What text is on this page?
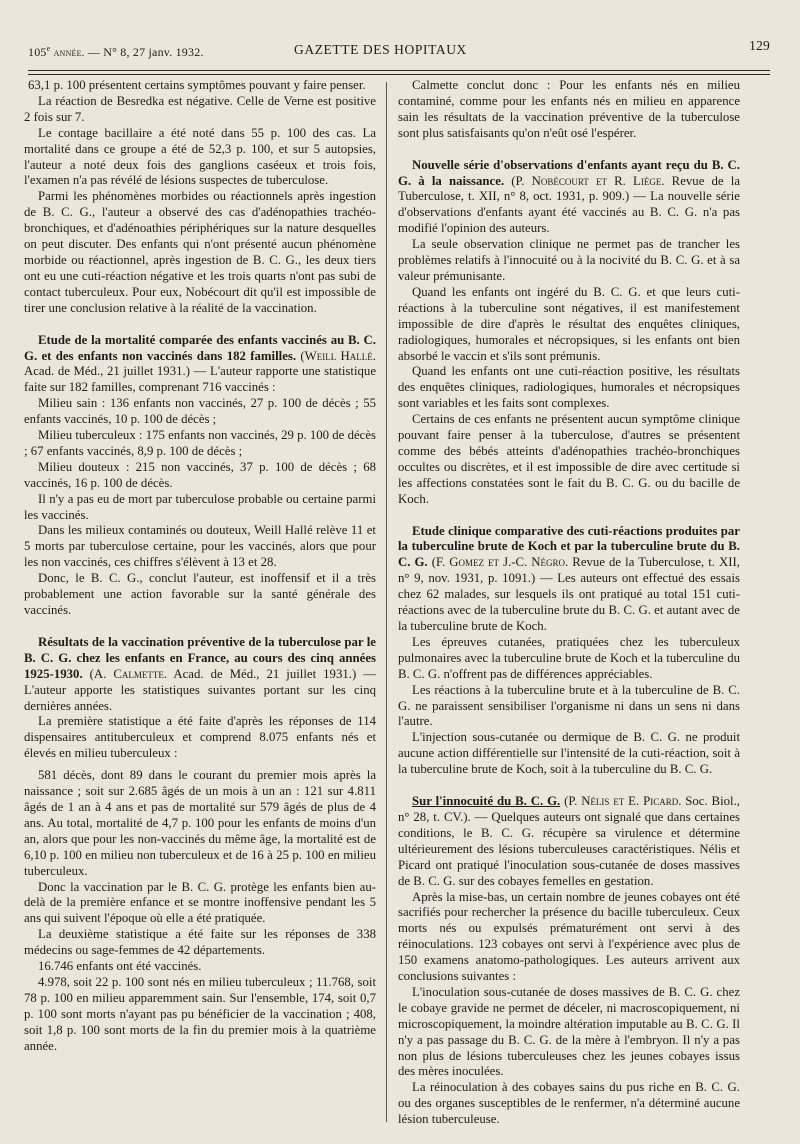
105e année. — N° 8, 27 janv. 1932.	GAZETTE DES HOPITAUX	129

63,1 p. 100 présentent certains symptômes pouvant y faire penser.

La réaction de Besredka est négative. Celle de Verne est positive 2 fois sur 7.

Le contage bacillaire a été noté dans 55 p. 100 des cas. La mortalité dans ce groupe a été de 52,3 p. 100, et sur 5 autopsies, l'auteur a noté deux fois des ganglions caséeux et trois fois, l'examen n'a pas révélé de lésions suspectes de tuberculose.

Parmi les phénomènes morbides ou réactionnels après ingestion de B. C. G., l'auteur a observé des cas d'adénopathies trachéo-bronchiques, et d'adénoathies périphériques sur la nature desquelles on peut discuter. Des enfants qui n'ont présenté aucun phénomène morbide ou réactionnel, après ingestion de B. C. G., les deux tiers ont eu une cuti-réaction négative et les trois quarts n'ont pas subi de contact tuberculeux. Pour eux, Nobécourt dit qu'il est impossible de tirer une conclusion relative à la réalité de la vaccination.

Etude de la mortalité comparée des enfants vaccinés au B. C. G. et des enfants non vaccinés dans 182 familles. (Weill Hallé. Acad. de Méd., 21 juillet 1931.) — L'auteur rapporte une statistique faite sur 182 familles, comprenant 716 vaccinés :

Milieu sain : 136 enfants non vaccinés, 27 p. 100 de décès ; 55 enfants vaccinés, 10 p. 100 de décès ;

Milieu tuberculeux : 175 enfants non vaccinés, 29 p. 100 de décès ; 67 enfants vaccinés, 8,9 p. 100 de décès ;

Milieu douteux : 215 non vaccinés, 37 p. 100 de décès ; 68 vaccinés, 16 p. 100 de décès.

Il n'y a pas eu de mort par tuberculose probable ou certaine parmi les vaccinés.

Dans les milieux contaminés ou douteux, Weill Hallé relève 11 et 5 morts par tuberculose certaine, pour les vaccinés, alors que pour les non vaccinés, ces chiffres s'élèvent à 13 et 28.

Donc, le B. C. G., conclut l'auteur, est inoffensif et il a très probablement une action favorable sur la santé générale des vaccinés.

Résultats de la vaccination préventive de la tuberculose par le B. C. G. chez les enfants en France, au cours des cinq années 1925-1930. (A. Calmette. Acad. de Méd., 21 juillet 1931.) — L'auteur apporte les statistiques suivantes portant sur les cinq dernières années.

La première statistique a été faite d'après les réponses de 114 dispensaires antituberculeux et comprend 8.075 enfants nés et élevés en milieu tuberculeux :

581 décès, dont 89 dans le courant du premier mois après la naissance ; soit sur 2.685 âgés de un mois à un an : 121 sur 4.811 âgés de 1 an à 4 ans et pas de mortalité sur 579 âgés de plus de 4 ans. Au total, mortalité de 4,7 p. 100 pour les enfants de moins d'un an, alors que pour les non-vaccinés du même âge, la mortalité est de 6,10 p. 100 en milieu non tuberculeux et de 16 à 25 p. 100 en milieu tuberculeux.

Donc la vaccination par le B. C. G. protège les enfants bien au-delà de la première enfance et se montre inoffensive pendant les 5 ans qui suivent l'époque où elle a été pratiquée.

La deuxième statistique a été faite sur les réponses de 338 médecins ou sage-femmes de 42 départements.

16.746 enfants ont été vaccinés.

4.978, soit 22 p. 100 sont nés en milieu tuberculeux ; 11.768, soit 78 p. 100 en milieu apparemment sain. Sur l'ensemble, 174, soit 0,7 p. 100 sont morts n'ayant pas pu bénéficier de la vaccination ; 408, soit 1,8 p. 100 sont morts de la fin du premier mois à la quatrième année.

Calmette conclut donc : Pour les enfants nés en milieu contaminé, comme pour les enfants nés en milieu en apparence sain les résultats de la vaccination préventive de la tuberculose sont plus satisfaisants qu'on n'eût osé l'espérer.

Nouvelle série d'observations d'enfants ayant reçu du B. C. G. à la naissance. (P. Nobécourt et R. Liège. Revue de la Tuberculose, t. XII, n° 8, oct. 1931, p. 909.) — La nouvelle série d'observations d'enfants ayant été vaccinés au B. C. G. n'a pas modifié l'opinion des auteurs.

La seule observation clinique ne permet pas de trancher les problèmes relatifs à l'innocuité ou à la nocivité du B. C. G. et à sa valeur prémunisante.

Quand les enfants ont ingéré du B. C. G. et que leurs cuti-réactions à la tuberculine sont négatives, il est manifestement impossible de dire d'après le résultat des enquêtes cliniques, radiologiques, humorales et nécropsiques, si les enfants ont bien absorbé le vaccin et s'ils sont prémunis.

Quand les enfants ont une cuti-réaction positive, les résultats des enquêtes cliniques, radiologiques, humorales et nécropsiques sont variables et les faits sont complexes.

Certains de ces enfants ne présentent aucun symptôme clinique pouvant faire penser à la tuberculose, d'autres se présentent comme des bébés atteints d'adénopathies trachéo-bronchiques occultes ou discrètes, et il est impossible de dire avec certitude si les affections constatées sont le fait du B. C. G. ou du bacille de Koch.

Etude clinique comparative des cuti-réactions produites par la tuberculine brute de Koch et par la tuberculine brute du B. C. G. (F. Gomez et J.-C. Négro. Revue de la Tuberculose, t. XII, n° 9, nov. 1931, p. 1091.) — Les auteurs ont effectué des essais chez 62 malades, sur lesquels ils ont pratiqué au total 151 cuti-réactions avec de la tuberculine brute du B. C. G. et autant avec de la tuberculine brute de Koch.

Les épreuves cutanées, pratiquées chez les tuberculeux pulmonaires avec la tuberculine brute de Koch et la tuberculine du B. C. G. n'offrent pas de différences appréciables.

Les réactions à la tuberculine brute et à la tuberculine de B. C. G. ne paraissent sensibiliser l'organisme ni dans un sens ni dans l'autre.

L'injection sous-cutanée ou dermique de B. C. G. ne produit aucune action différentielle sur l'intensité de la cuti-réaction, soit à la tuberculine brute de Koch, soit à la tuberculine du B. C. G.

Sur l'innocuité du B. C. G. (P. Nélis et E. Picard. Soc. Biol., n° 28, t. CV.). — Quelques auteurs ont signalé que dans certaines conditions, le B. C. G. récupère sa virulence et détermine ultérieurement des lésions tuberculeuses caractéristiques. Nélis et Picard ont pratiqué l'inoculation sous-cutanée de doses massives de B. C. G. sur des cobayes femelles en gestation.

Après la mise-bas, un certain nombre de jeunes cobayes ont été sacrifiés pour rechercher la présence du bacille tuberculeux. Ceux morts nés ou expulsés prématurément ont servi à des réinoculations. 123 cobayes ont servi à l'expérience avec plus de 150 examens anatomo-pathologiques. Les auteurs arrivent aux conclusions suivantes :

L'inoculation sous-cutanée de doses massives de B. C. G. chez le cobaye gravide ne permet de déceler, ni macroscopiquement, ni microscopiquement, la moindre altération imputable au B. C. G. Il n'y a pas passage du B. C. G. de la mère à l'embryon. Il n'y a pas non plus de lésions tuberculeuses chez les jeunes cobayes issus des mères inoculées.

La réinoculation à des cobayes sains du pus riche en B. C. G. ou des organes susceptibles de le renfermer, n'a déterminé aucune lésion tuberculeuse.
